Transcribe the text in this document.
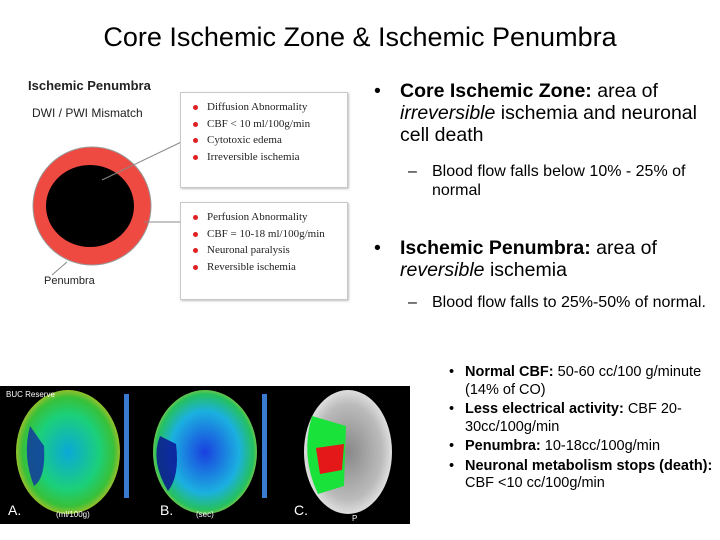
Core Ischemic Zone & Ischemic Penumbra
Ischemic Penumbra
DWI / PWI Mismatch
Penumbra
Diffusion Abnormality
CBF < 10 ml/100g/min
Cytotoxic edema
Irreversible ischemia
Perfusion Abnormality
CBF = 10-18 ml/100g/min
Neuronal paralysis
Reversible ischemia
• Core Ischemic Zone: area of irreversible ischemia and neuronal cell death
– Blood flow falls below 10% - 25% of normal
• Ischemic Penumbra: area of reversible ischemia
– Blood flow falls to 25%-50% of normal.
• Normal CBF: 50-60 cc/100 g/minute (14% of CO)
• Less electrical activity: CBF 20-30cc/100g/min
• Penumbra: 10-18cc/100g/min
• Neuronal metabolism stops (death): CBF <10 cc/100g/min
BUC Reserve
A.	B.	C.
(ml/100g)	(sec)	P
